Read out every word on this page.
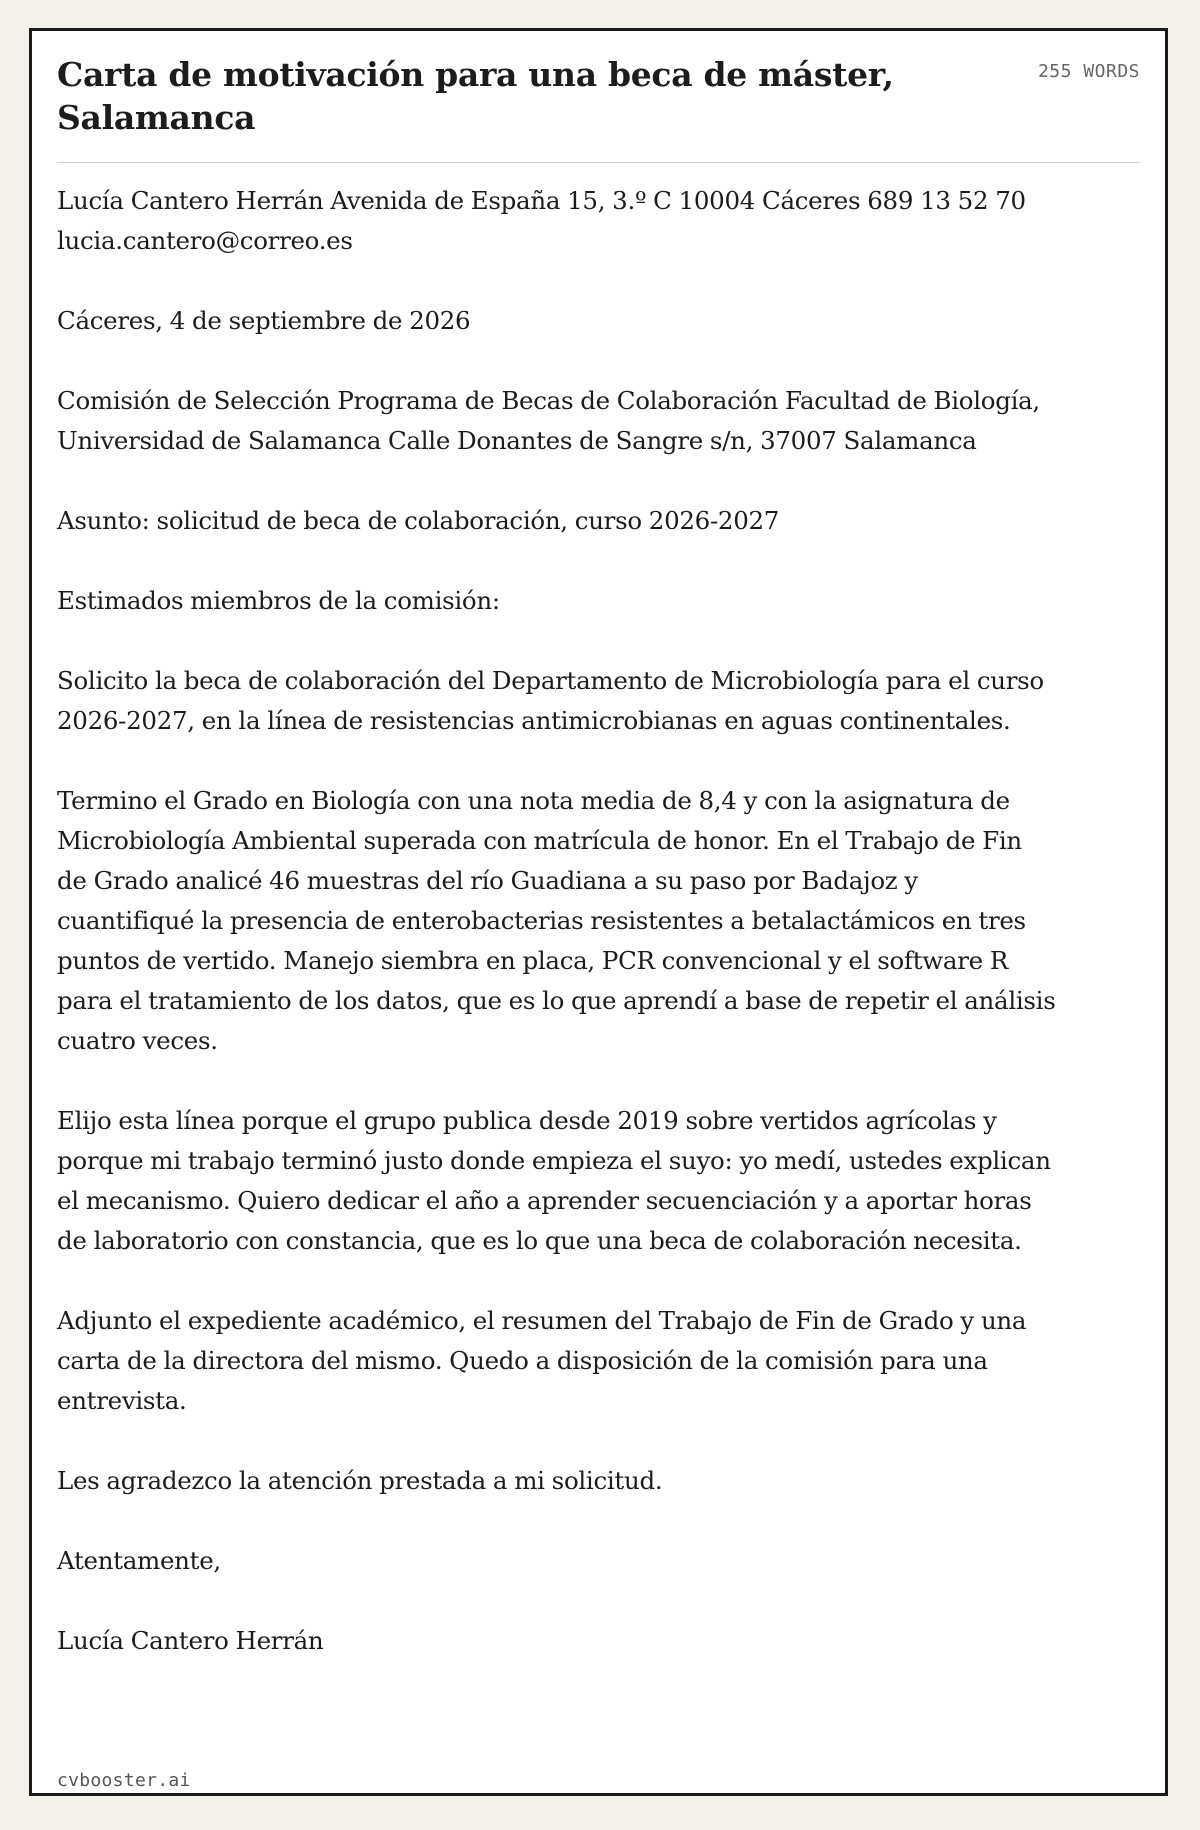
Carta de motivación para una beca de máster, Salamanca
255 WORDS

Lucía Cantero Herrán Avenida de España 15, 3.º C 10004 Cáceres 689 13 52 70 lucia.cantero@correo.es

Cáceres, 4 de septiembre de 2026

Comisión de Selección Programa de Becas de Colaboración Facultad de Biología, Universidad de Salamanca Calle Donantes de Sangre s/n, 37007 Salamanca

Asunto: solicitud de beca de colaboración, curso 2026-2027

Estimados miembros de la comisión:

Solicito la beca de colaboración del Departamento de Microbiología para el curso 2026-2027, en la línea de resistencias antimicrobianas en aguas continentales.

Termino el Grado en Biología con una nota media de 8,4 y con la asignatura de Microbiología Ambiental superada con matrícula de honor. En el Trabajo de Fin de Grado analicé 46 muestras del río Guadiana a su paso por Badajoz y cuantifiqué la presencia de enterobacterias resistentes a betalactámicos en tres puntos de vertido. Manejo siembra en placa, PCR convencional y el software R para el tratamiento de los datos, que es lo que aprendí a base de repetir el análisis cuatro veces.

Elijo esta línea porque el grupo publica desde 2019 sobre vertidos agrícolas y porque mi trabajo terminó justo donde empieza el suyo: yo medí, ustedes explican el mecanismo. Quiero dedicar el año a aprender secuenciación y a aportar horas de laboratorio con constancia, que es lo que una beca de colaboración necesita.

Adjunto el expediente académico, el resumen del Trabajo de Fin de Grado y una carta de la directora del mismo. Quedo a disposición de la comisión para una entrevista.

Les agradezco la atención prestada a mi solicitud.

Atentamente,

Lucía Cantero Herrán

cvbooster.ai
